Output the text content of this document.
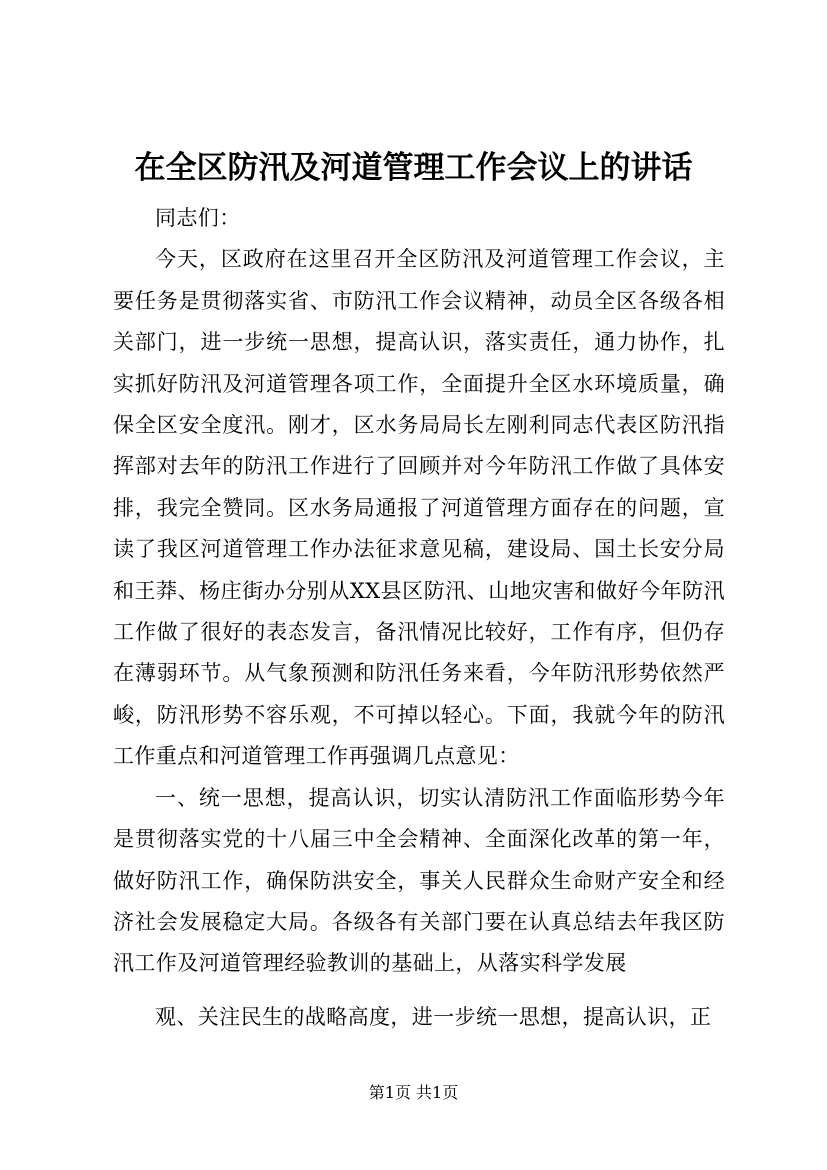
在全区防汛及河道管理工作会议上的讲话

同志们：

今天，区政府在这里召开全区防汛及河道管理工作会议，主要任务是贯彻落实省、市防汛工作会议精神，动员全区各级各相关部门，进一步统一思想，提高认识，落实责任，通力协作，扎实抓好防汛及河道管理各项工作，全面提升全区水环境质量，确保全区安全度汛。刚才，区水务局局长左刚利同志代表区防汛指挥部对去年的防汛工作进行了回顾并对今年防汛工作做了具体安排，我完全赞同。区水务局通报了河道管理方面存在的问题，宣读了我区河道管理工作办法征求意见稿，建设局、国土长安分局和王莽、杨庄街办分别从XX县区防汛、山地灾害和做好今年防汛工作做了很好的表态发言，备汛情况比较好，工作有序，但仍存在薄弱环节。从气象预测和防汛任务来看，今年防汛形势依然严峻，防汛形势不容乐观，不可掉以轻心。下面，我就今年的防汛工作重点和河道管理工作再强调几点意见：

一、统一思想，提高认识，切实认清防汛工作面临形势今年是贯彻落实党的十八届三中全会精神、全面深化改革的第一年，做好防汛工作，确保防洪安全，事关人民群众生命财产安全和经济社会发展稳定大局。各级各有关部门要在认真总结去年我区防汛工作及河道管理经验教训的基础上，从落实科学发展

观、关注民生的战略高度，进一步统一思想，提高认识，正

第1页 共1页
